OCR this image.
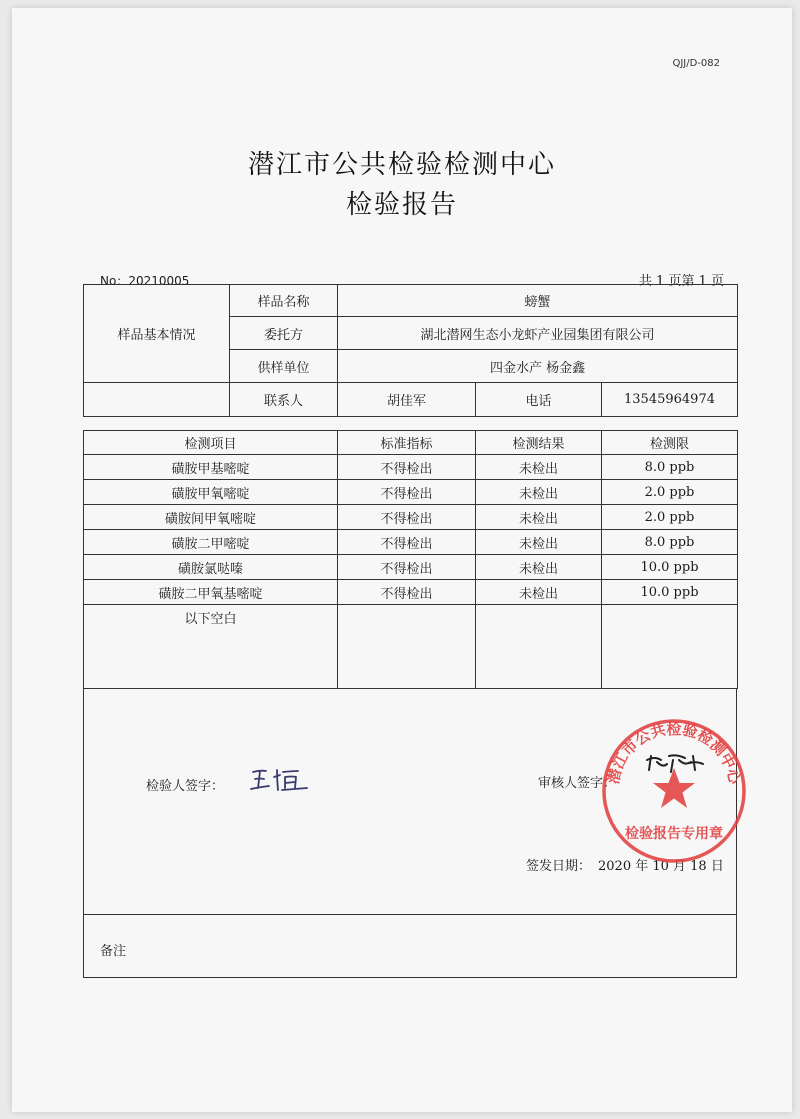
QJJ/D-082
潜江市公共检验检测中心
检验报告
No：20210005	共 1 页第 1 页
样品基本情况	样品名称	螃蟹		
	委托方	湖北潜网生态小龙虾产业园集团有限公司		
	供样单位	四金水产 杨金鑫		
	联系人	胡佳军	电话	13545964974
检测项目	标准指标	检测结果	检测限
磺胺甲基嘧啶	不得检出	未检出	8.0 ppb
磺胺甲氧嘧啶	不得检出	未检出	2.0 ppb
磺胺间甲氧嘧啶	不得检出	未检出	2.0 ppb
磺胺二甲嘧啶	不得检出	未检出	8.0 ppb
磺胺氯哒嗪	不得检出	未检出	10.0 ppb
磺胺二甲氧基嘧啶	不得检出	未检出	10.0 ppb
以下空白			
检验人签字：	审核人签字：
签发日期： 2020 年 10 月 18 日
潜江市公共检验检测中心
检验报告专用章
备注
